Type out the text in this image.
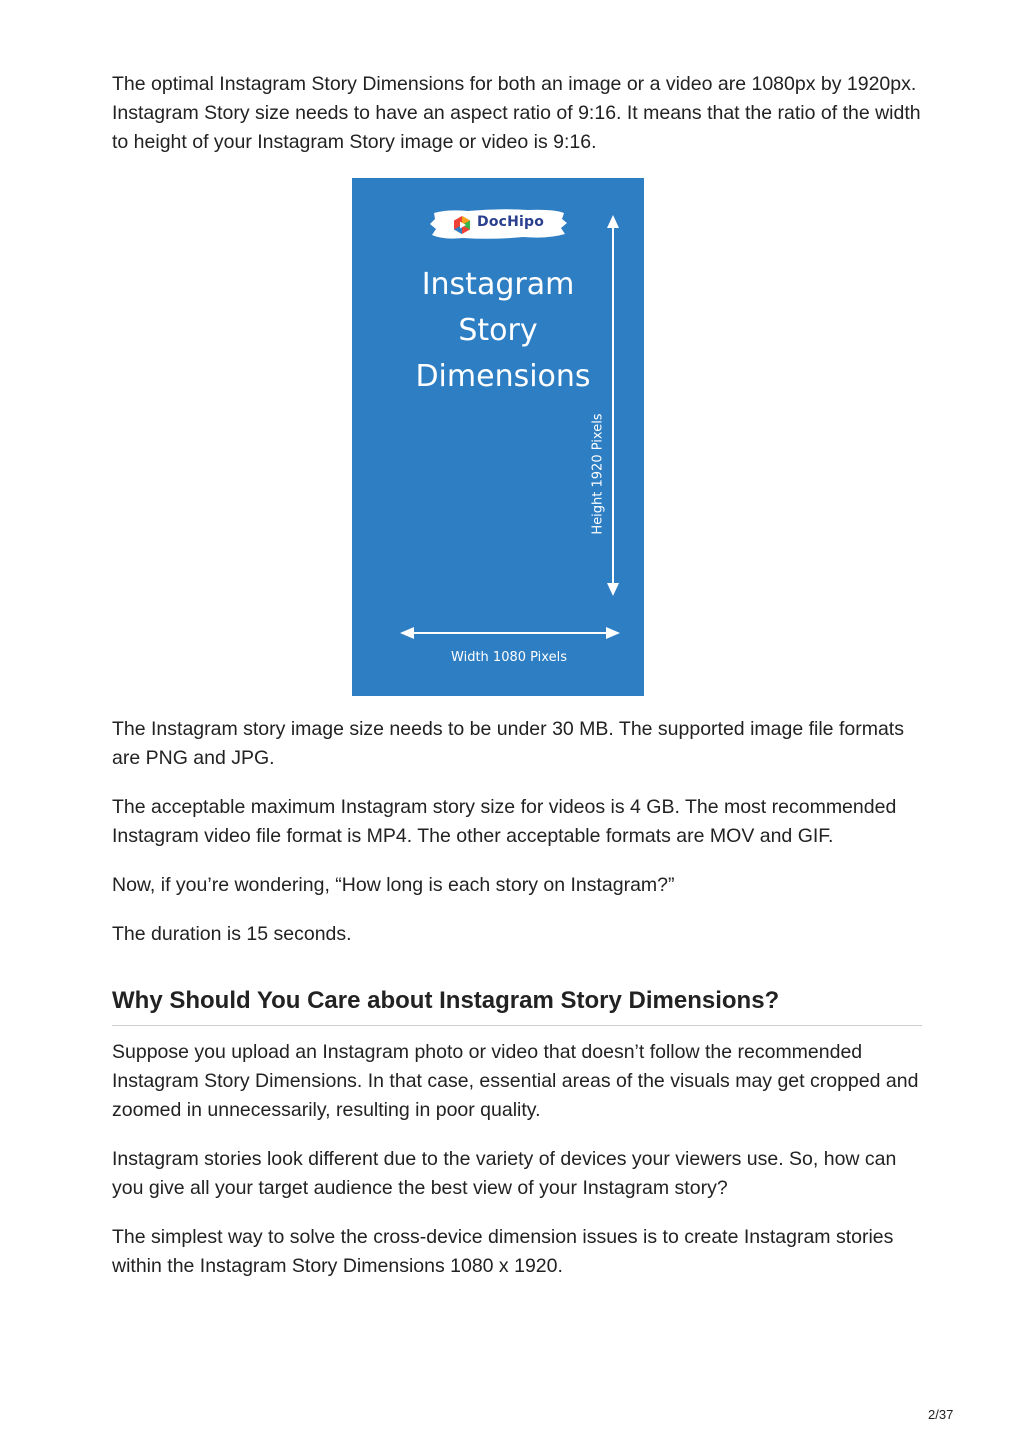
The optimal Instagram Story Dimensions for both an image or a video are 1080px by 1920px. Instagram Story size needs to have an aspect ratio of 9:16. It means that the ratio of the width to height of your Instagram Story image or video is 9:16.

DocHipo
Instagram
Story
Dimensions
Height 1920 Pixels
Width 1080 Pixels

The Instagram story image size needs to be under 30 MB. The supported image file formats are PNG and JPG.

The acceptable maximum Instagram story size for videos is 4 GB. The most recommended Instagram video file format is MP4. The other acceptable formats are MOV and GIF.

Now, if you’re wondering, “How long is each story on Instagram?”

The duration is 15 seconds.

Why Should You Care about Instagram Story Dimensions?

Suppose you upload an Instagram photo or video that doesn’t follow the recommended Instagram Story Dimensions. In that case, essential areas of the visuals may get cropped and zoomed in unnecessarily, resulting in poor quality.

Instagram stories look different due to the variety of devices your viewers use. So, how can you give all your target audience the best view of your Instagram story?

The simplest way to solve the cross-device dimension issues is to create Instagram stories within the Instagram Story Dimensions 1080 x 1920.

2/37
